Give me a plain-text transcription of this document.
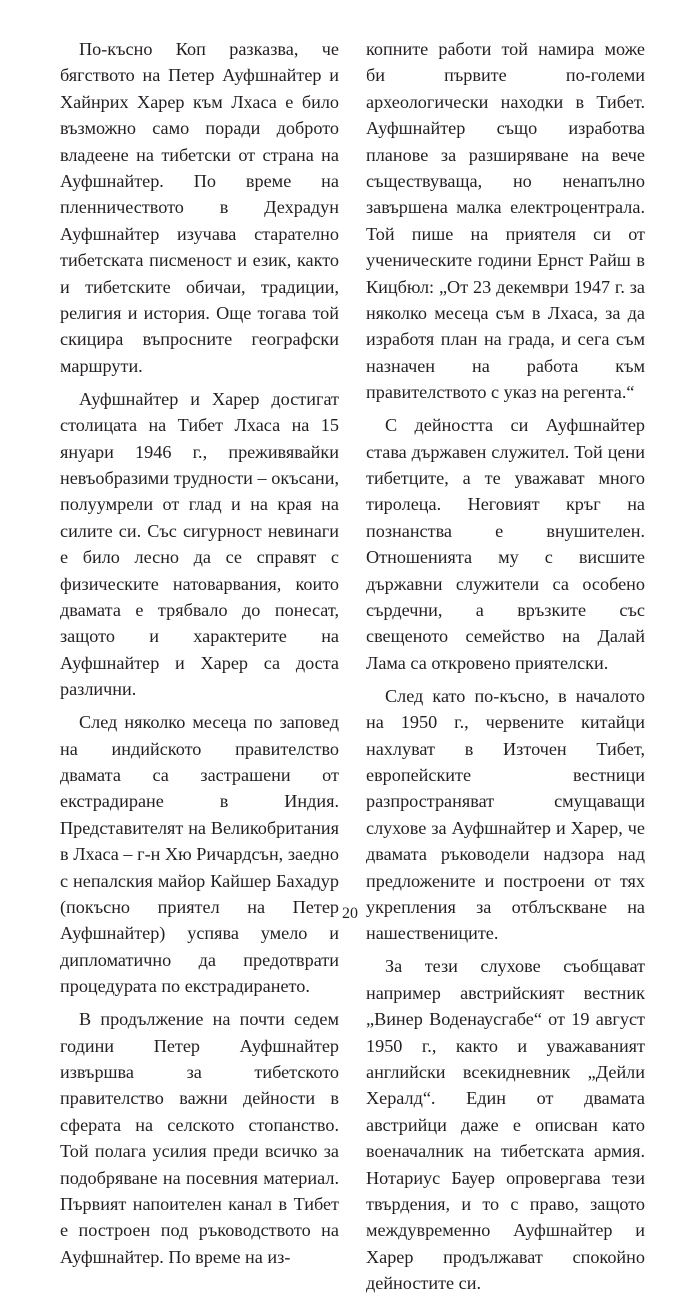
По-късно Коп разказва, че бягството на Петер Ауфшнайтер и Хайнрих Харер към Лхаса е било възможно само поради доброто владеене на тибетски от страна на Ауфшнайтер. По време на пленничеството в Дехрадун Ауфшнайтер изучава старателно тибетската писменост и език, както и тибетските обичаи, традиции, религия и история. Още тогава той скицира въпросните географски маршрути.

Ауфшнайтер и Харер достигат столицата на Тибет Лхаса на 15 януари 1946 г., преживявайки невъобразими трудности – окъсани, полуумрели от глад и на края на силите си. Със сигурност невинаги е било лесно да се справят с физическите натоварвания, които двамата е трябвало до понесат, защото и характерите на Ауфшнайтер и Харер са доста различни.

След няколко месеца по заповед на индийското правителство двамата са застрашени от екстрадиране в Индия. Представителят на Великобритания в Лхаса – г-н Хю Ричардсън, заедно с непалския майор Кайшер Бахадур (покъсно приятел на Петер Ауфшнайтер) успява умело и дипломатично да предотврати процедурата по екстрадирането.

В продължение на почти седем години Петер Ауфшнайтер извършва за тибетското правителство важни дейности в сферата на селското стопанство. Той полага усилия преди всичко за подобряване на посевния материал. Първият напоителен канал в Тибет е построен под ръководството на Ауфшнайтер. По време на из-

копните работи той намира може би първите по-големи археологически находки в Тибет. Ауфшнайтер също изработва планове за разширяване на вече съществуваща, но ненапълно завършена малка електроцентрала. Той пише на приятеля си от ученическите години Ернст Райш в Кицбюл: „От 23 декември 1947 г. за няколко месеца съм в Лхаса, за да изработя план на града, и сега съм назначен на работа към правителството с указ на регента.“

С дейността си Ауфшнайтер става държавен служител. Той цени тибетците, а те уважават много тиролеца. Неговият кръг на познанства е внушителен. Отношенията му с висшите държавни служители са особено сърдечни, а връзките със свещеното семейство на Далай Лама са откровено приятелски.

След като по-късно, в началото на 1950 г., червените китайци нахлуват в Източен Тибет, европейските вестници разпространяват смущаващи слухове за Ауфшнайтер и Харер, че двамата ръководели надзора над предложените и построени от тях укрепления за отблъскване на нашествениците.

За тези слухове съобщават например австрийският вестник „Винер Воденаусгабе“ от 19 август 1950 г., както и уважаваният английски всекидневник „Дейли Хералд“. Един от двамата австрийци даже е описван като военачалник на тибетската армия. Нотариус Бауер опровергава тези твърдения, и то с право, защото междувременно Ауфшнайтер и Харер продължават спокойно дейностите си.

20
